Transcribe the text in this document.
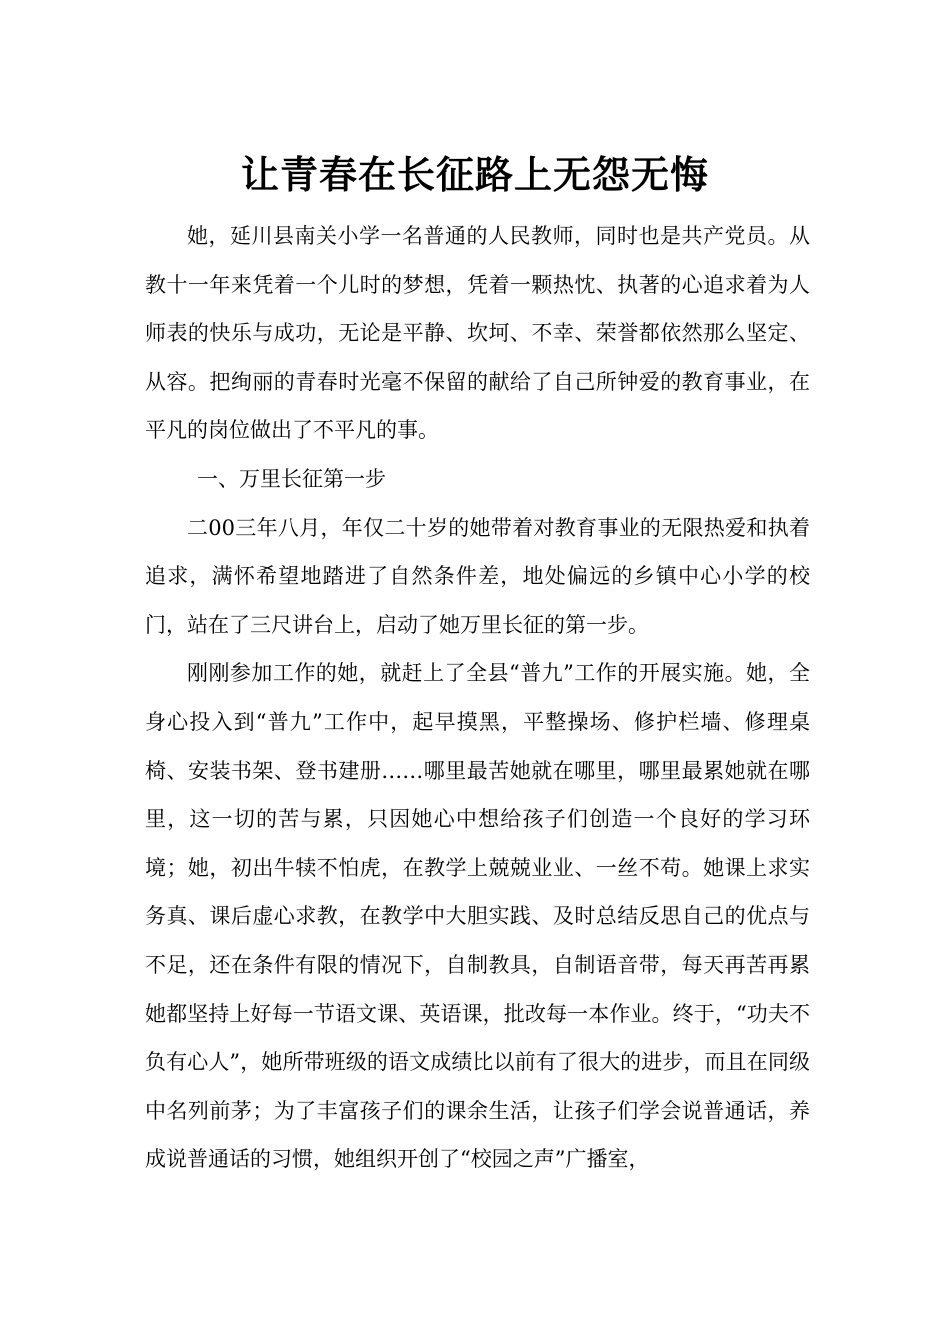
让青春在长征路上无怨无悔

她，延川县南关小学一名普通的人民教师，同时也是共产党员。从教十一年来凭着一个儿时的梦想，凭着一颗热忱、执著的心追求着为人师表的快乐与成功，无论是平静、坎坷、不幸、荣誉都依然那么坚定、从容。把绚丽的青春时光毫不保留的献给了自己所钟爱的教育事业，在平凡的岗位做出了不平凡的事。

一、万里长征第一步

二00三年八月，年仅二十岁的她带着对教育事业的无限热爱和执着追求，满怀希望地踏进了自然条件差，地处偏远的乡镇中心小学的校门，站在了三尺讲台上，启动了她万里长征的第一步。

刚刚参加工作的她，就赶上了全县“普九”工作的开展实施。她，全身心投入到“普九”工作中，起早摸黑，平整操场、修护栏墙、修理桌椅、安装书架、登书建册……哪里最苦她就在哪里，哪里最累她就在哪里，这一切的苦与累，只因她心中想给孩子们创造一个良好的学习环境；她，初出牛犊不怕虎，在教学上兢兢业业、一丝不苟。她课上求实务真、课后虚心求教，在教学中大胆实践、及时总结反思自己的优点与不足，还在条件有限的情况下，自制教具，自制语音带，每天再苦再累她都坚持上好每一节语文课、英语课，批改每一本作业。终于，“功夫不负有心人”，她所带班级的语文成绩比以前有了很大的进步，而且在同级中名列前茅；为了丰富孩子们的课余生活，让孩子们学会说普通话，养成说普通话的习惯，她组织开创了“校园之声”广播室，
